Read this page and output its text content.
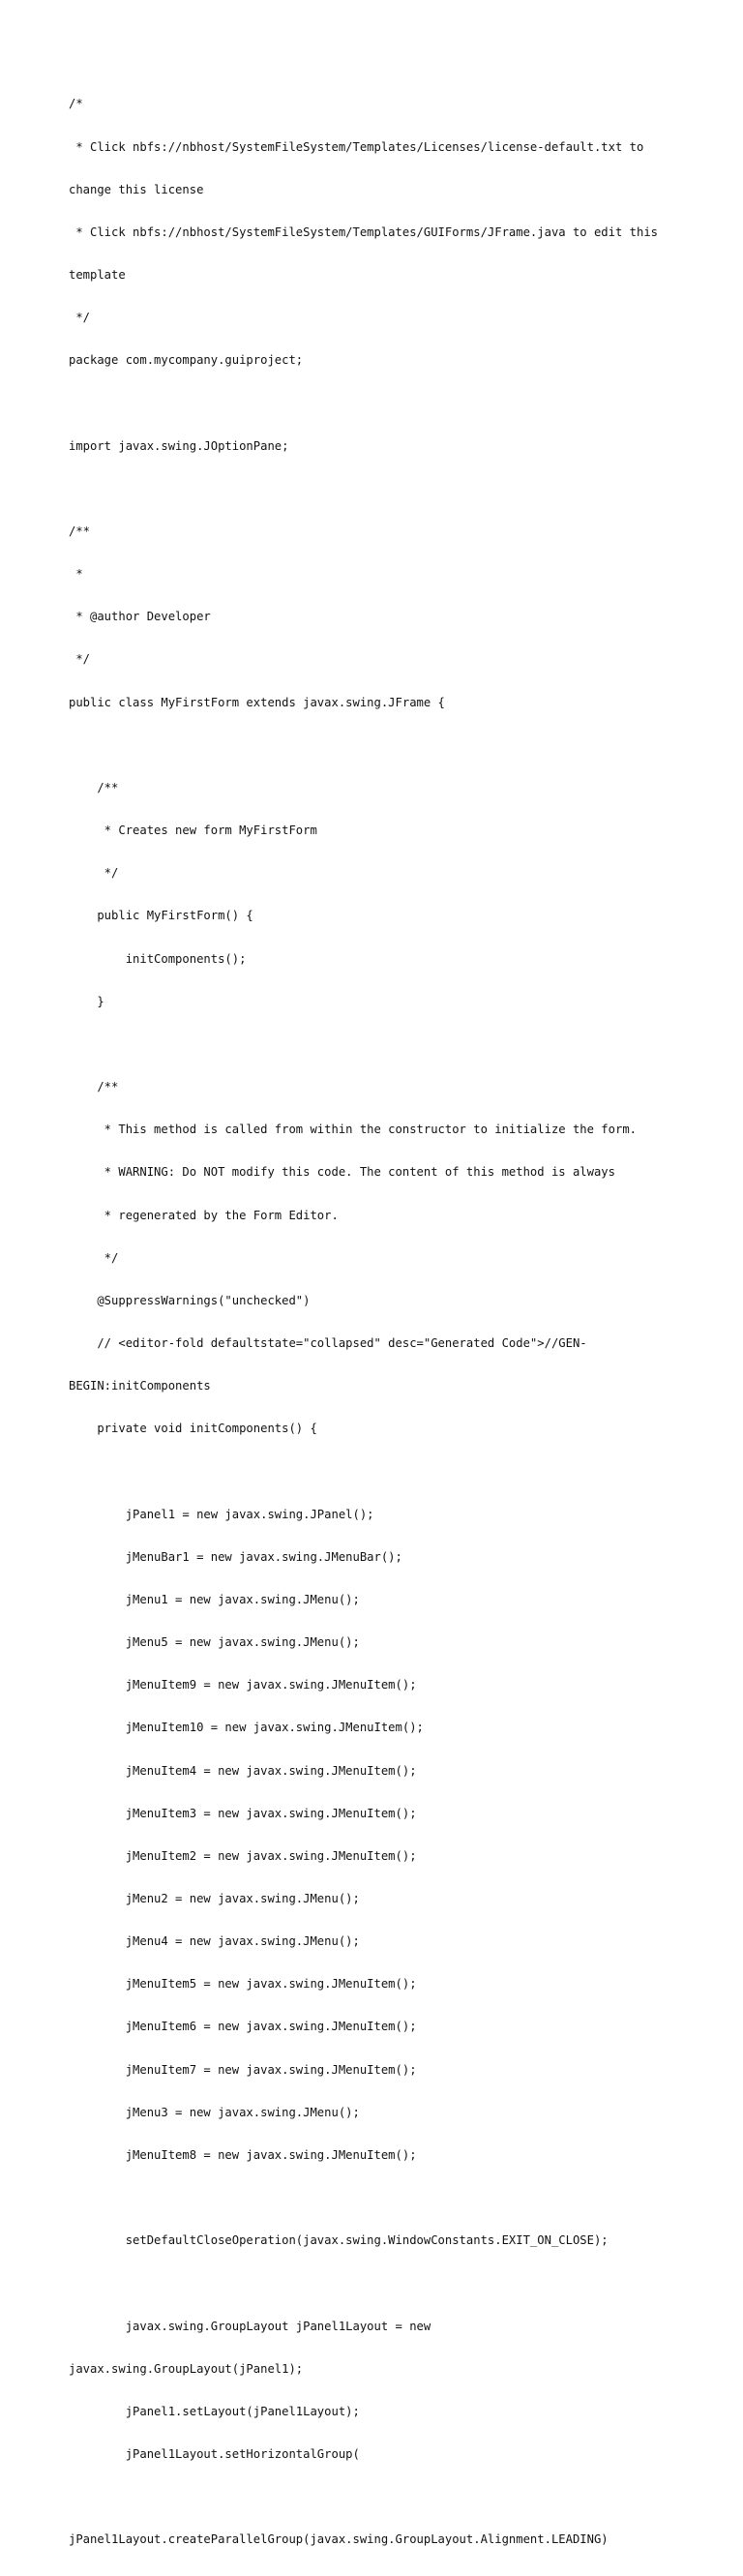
/*

* Click nbfs://nbhost/SystemFileSystem/Templates/Licenses/license-default.txt to

change this license

* Click nbfs://nbhost/SystemFileSystem/Templates/GUIForms/JFrame.java to edit this

template

*/

package com.mycompany.guiproject;

import javax.swing.JOptionPane;

/**

*

* @author Developer

*/

public class MyFirstForm extends javax.swing.JFrame {

/**

* Creates new form MyFirstForm

*/

public MyFirstForm() {

initComponents();

}

/**

* This method is called from within the constructor to initialize the form.

* WARNING: Do NOT modify this code. The content of this method is always

* regenerated by the Form Editor.

*/

@SuppressWarnings("unchecked")

// <editor-fold defaultstate="collapsed" desc="Generated Code">//GEN-

BEGIN:initComponents

private void initComponents() {

jPanel1 = new javax.swing.JPanel();

jMenuBar1 = new javax.swing.JMenuBar();

jMenu1 = new javax.swing.JMenu();

jMenu5 = new javax.swing.JMenu();

jMenuItem9 = new javax.swing.JMenuItem();

jMenuItem10 = new javax.swing.JMenuItem();

jMenuItem4 = new javax.swing.JMenuItem();

jMenuItem3 = new javax.swing.JMenuItem();

jMenuItem2 = new javax.swing.JMenuItem();

jMenu2 = new javax.swing.JMenu();

jMenu4 = new javax.swing.JMenu();

jMenuItem5 = new javax.swing.JMenuItem();

jMenuItem6 = new javax.swing.JMenuItem();

jMenuItem7 = new javax.swing.JMenuItem();

jMenu3 = new javax.swing.JMenu();

jMenuItem8 = new javax.swing.JMenuItem();

setDefaultCloseOperation(javax.swing.WindowConstants.EXIT_ON_CLOSE);

javax.swing.GroupLayout jPanel1Layout = new

javax.swing.GroupLayout(jPanel1);

jPanel1.setLayout(jPanel1Layout);

jPanel1Layout.setHorizontalGroup(

jPanel1Layout.createParallelGroup(javax.swing.GroupLayout.Alignment.LEADING)
